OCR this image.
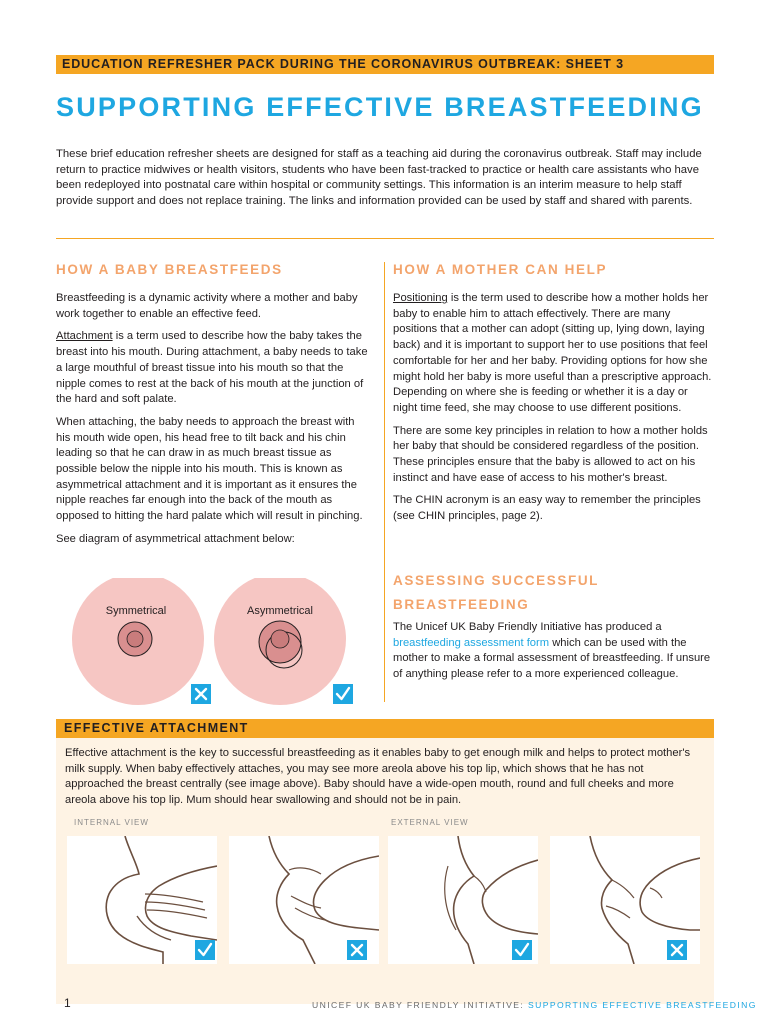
EDUCATION REFRESHER PACK DURING THE CORONAVIRUS OUTBREAK: SHEET 3
SUPPORTING EFFECTIVE BREASTFEEDING
These brief education refresher sheets are designed for staff as a teaching aid during the coronavirus outbreak. Staff may include return to practice midwives or health visitors, students who have been fast-tracked to practice or health care assistants who have been redeployed into postnatal care within hospital or community settings. This information is an interim measure to help staff provide support and does not replace training. The links and information provided can be used by staff and shared with parents.
HOW A BABY BREASTFEEDS

Breastfeeding is a dynamic activity where a mother and baby work together to enable an effective feed.

Attachment is a term used to describe how the baby takes the breast into his mouth. During attachment, a baby needs to take a large mouthful of breast tissue into his mouth so that the nipple comes to rest at the back of his mouth at the junction of the hard and soft palate.

When attaching, the baby needs to approach the breast with his mouth wide open, his head free to tilt back and his chin leading so that he can draw in as much breast tissue as possible below the nipple into his mouth. This is known as asymmetrical attachment and it is important as it ensures the nipple reaches far enough into the back of the mouth as opposed to hitting the hard palate which will result in pinching.

See diagram of asymmetrical attachment below:

Symmetrical	Asymmetrical
HOW A MOTHER CAN HELP

Positioning is the term used to describe how a mother holds her baby to enable him to attach effectively. There are many positions that a mother can adopt (sitting up, lying down, laying back) and it is important to support her to use positions that feel comfortable for her and her baby. Providing options for how she might hold her baby is more useful than a prescriptive approach. Depending on where she is feeding or whether it is a day or night time feed, she may choose to use different positions.

There are some key principles in relation to how a mother holds her baby that should be considered regardless of the position. These principles ensure that the baby is allowed to act on his instinct and have ease of access to his mother's breast.

The CHIN acronym is an easy way to remember the principles (see CHIN principles, page 2).

ASSESSING SUCCESSFUL BREASTFEEDING
The Unicef UK Baby Friendly Initiative has produced a breastfeeding assessment form which can be used with the mother to make a formal assessment of breastfeeding. If unsure of anything please refer to a more experienced colleague.
EFFECTIVE ATTACHMENT
Effective attachment is the key to successful breastfeeding as it enables baby to get enough milk and helps to protect mother's milk supply. When baby effectively attaches, you may see more areola above his top lip, which shows that he has not approached the breast centrally (see image above). Baby should have a wide-open mouth, round and full cheeks and more areola above his top lip. Mum should hear swallowing and should not be in pain.
INTERNAL VIEW	EXTERNAL VIEW
1	UNICEF UK BABY FRIENDLY INITIATIVE: SUPPORTING EFFECTIVE BREASTFEEDING
